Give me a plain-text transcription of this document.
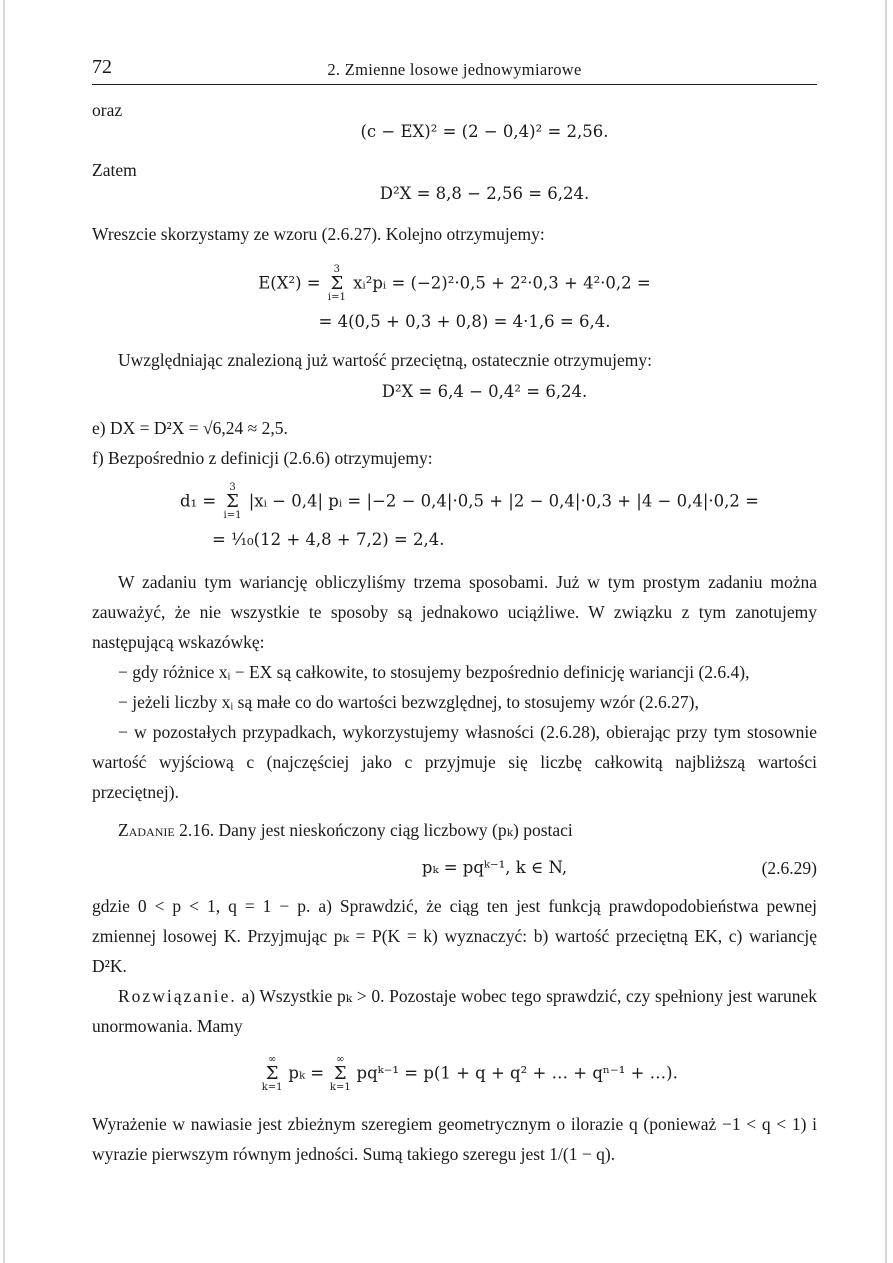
72	2. Zmienne losowe jednowymiarowe

oraz

(c − EX)² = (2 − 0,4)² = 2,56.

Zatem

D²X = 8,8 − 2,56 = 6,24.

Wreszcie skorzystamy ze wzoru (2.6.27). Kolejno otrzymujemy:

E(X²) =
3
Σ
i=1
xᵢ²pᵢ = (−2)²·0,5 + 2²·0,3 + 4²·0,2 =
= 4(0,5 + 0,3 + 0,8) = 4·1,6 = 6,4.

Uwzględniając znalezioną już wartość przeciętną, ostatecznie otrzymujemy:

D²X = 6,4 − 0,4² = 6,24.

e) DX = D²X = √6,24 ≈ 2,5.

f) Bezpośrednio z definicji (2.6.6) otrzymujemy:

d₁ =
3
Σ
i=1
|xᵢ − 0,4| pᵢ = |−2 − 0,4|·0,5 + |2 − 0,4|·0,3 + |4 − 0,4|·0,2 =
= ¹⁄₁₀(12 + 4,8 + 7,2) = 2,4.

W zadaniu tym wariancję obliczyliśmy trzema sposobami. Już w tym prostym zadaniu można zauważyć, że nie wszystkie te sposoby są jednakowo uciążliwe. W związku z tym zanotujemy następującą wskazówkę:

− gdy różnice xᵢ − EX są całkowite, to stosujemy bezpośrednio definicję wariancji (2.6.4),

− jeżeli liczby xᵢ są małe co do wartości bezwzględnej, to stosujemy wzór (2.6.27),

− w pozostałych przypadkach, wykorzystujemy własności (2.6.28), obierając przy tym stosownie wartość wyjściową c (najczęściej jako c przyjmuje się liczbę całkowitą najbliższą wartości przeciętnej).

Zadanie 2.16. Dany jest nieskończony ciąg liczbowy (pₖ) postaci

pₖ = pqᵏ⁻¹, k ∈ N,	(2.6.29)

gdzie 0 < p < 1, q = 1 − p. a) Sprawdzić, że ciąg ten jest funkcją prawdopodobieństwa pewnej zmiennej losowej K. Przyjmując pₖ = P(K = k) wyznaczyć: b) wartość przeciętną EK, c) wariancję D²K.

Rozwiązanie. a) Wszystkie pₖ > 0. Pozostaje wobec tego sprawdzić, czy spełniony jest warunek unormowania. Mamy

∞
Σ
k=1
pₖ =
∞
Σ
k=1
pqᵏ⁻¹ = p(1 + q + q² + … + qⁿ⁻¹ + …).

Wyrażenie w nawiasie jest zbieżnym szeregiem geometrycznym o ilorazie q (ponieważ −1 < q < 1) i wyrazie pierwszym równym jedności. Sumą takiego szeregu jest 1/(1 − q).
